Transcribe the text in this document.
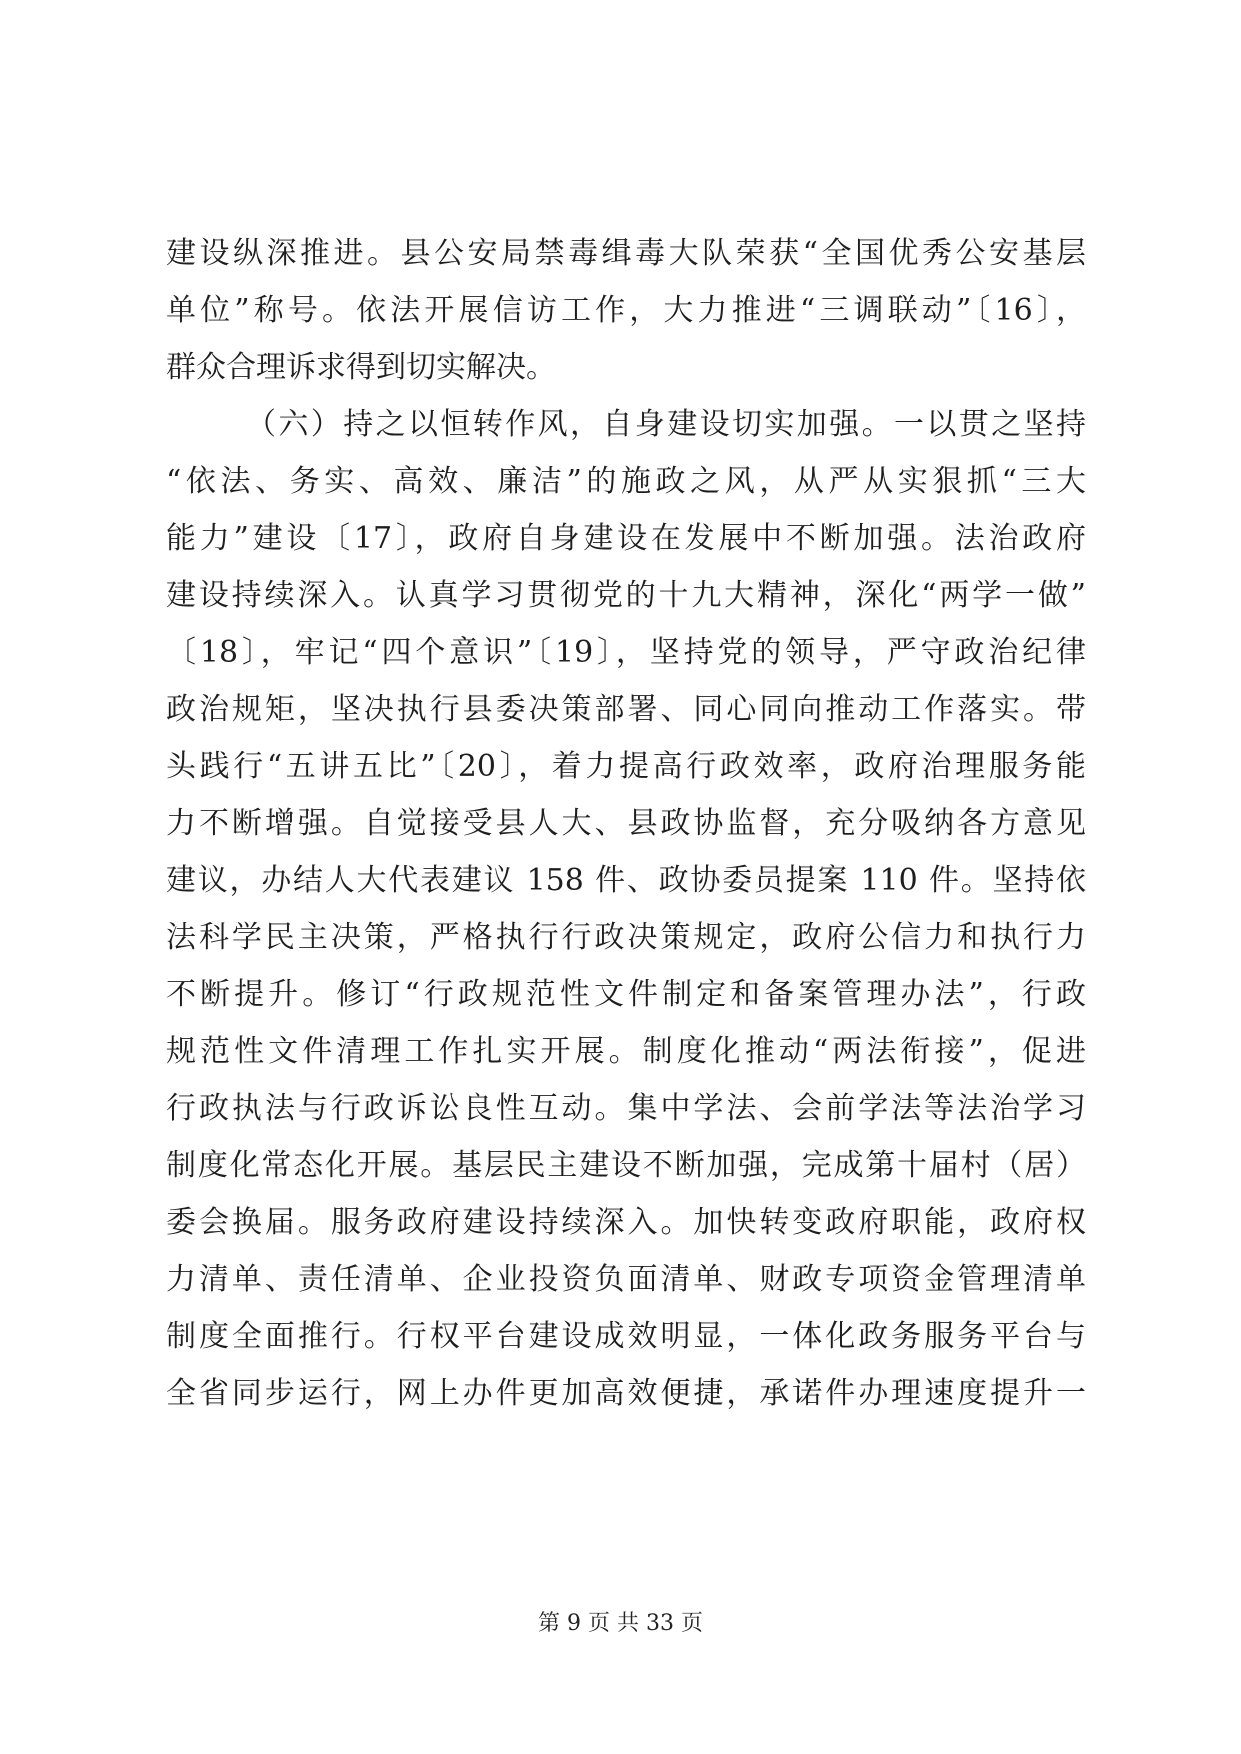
建设纵深推进。县公安局禁毒缉毒大队荣获“全国优秀公安基层
单位”称号。依法开展信访工作，大力推进“三调联动”〔16〕，
群众合理诉求得到切实解决。
（六）持之以恒转作风，自身建设切实加强。一以贯之坚持
“依法、务实、高效、廉洁”的施政之风，从严从实狠抓“三大
能力”建设〔17〕，政府自身建设在发展中不断加强。法治政府
建设持续深入。认真学习贯彻党的十九大精神，深化“两学一做”
〔18〕，牢记“四个意识”〔19〕，坚持党的领导，严守政治纪律
政治规矩，坚决执行县委决策部署、同心同向推动工作落实。带
头践行“五讲五比”〔20〕，着力提高行政效率，政府治理服务能
力不断增强。自觉接受县人大、县政协监督，充分吸纳各方意见
建议，办结人大代表建议 158 件、政协委员提案 110 件。坚持依
法科学民主决策，严格执行行政决策规定，政府公信力和执行力
不断提升。修订“行政规范性文件制定和备案管理办法”，行政
规范性文件清理工作扎实开展。制度化推动“两法衔接”，促进
行政执法与行政诉讼良性互动。集中学法、会前学法等法治学习
制度化常态化开展。基层民主建设不断加强，完成第十届村（居）
委会换届。服务政府建设持续深入。加快转变政府职能，政府权
力清单、责任清单、企业投资负面清单、财政专项资金管理清单
制度全面推行。行权平台建设成效明显，一体化政务服务平台与
全省同步运行，网上办件更加高效便捷，承诺件办理速度提升一
第 9 页 共 33 页
